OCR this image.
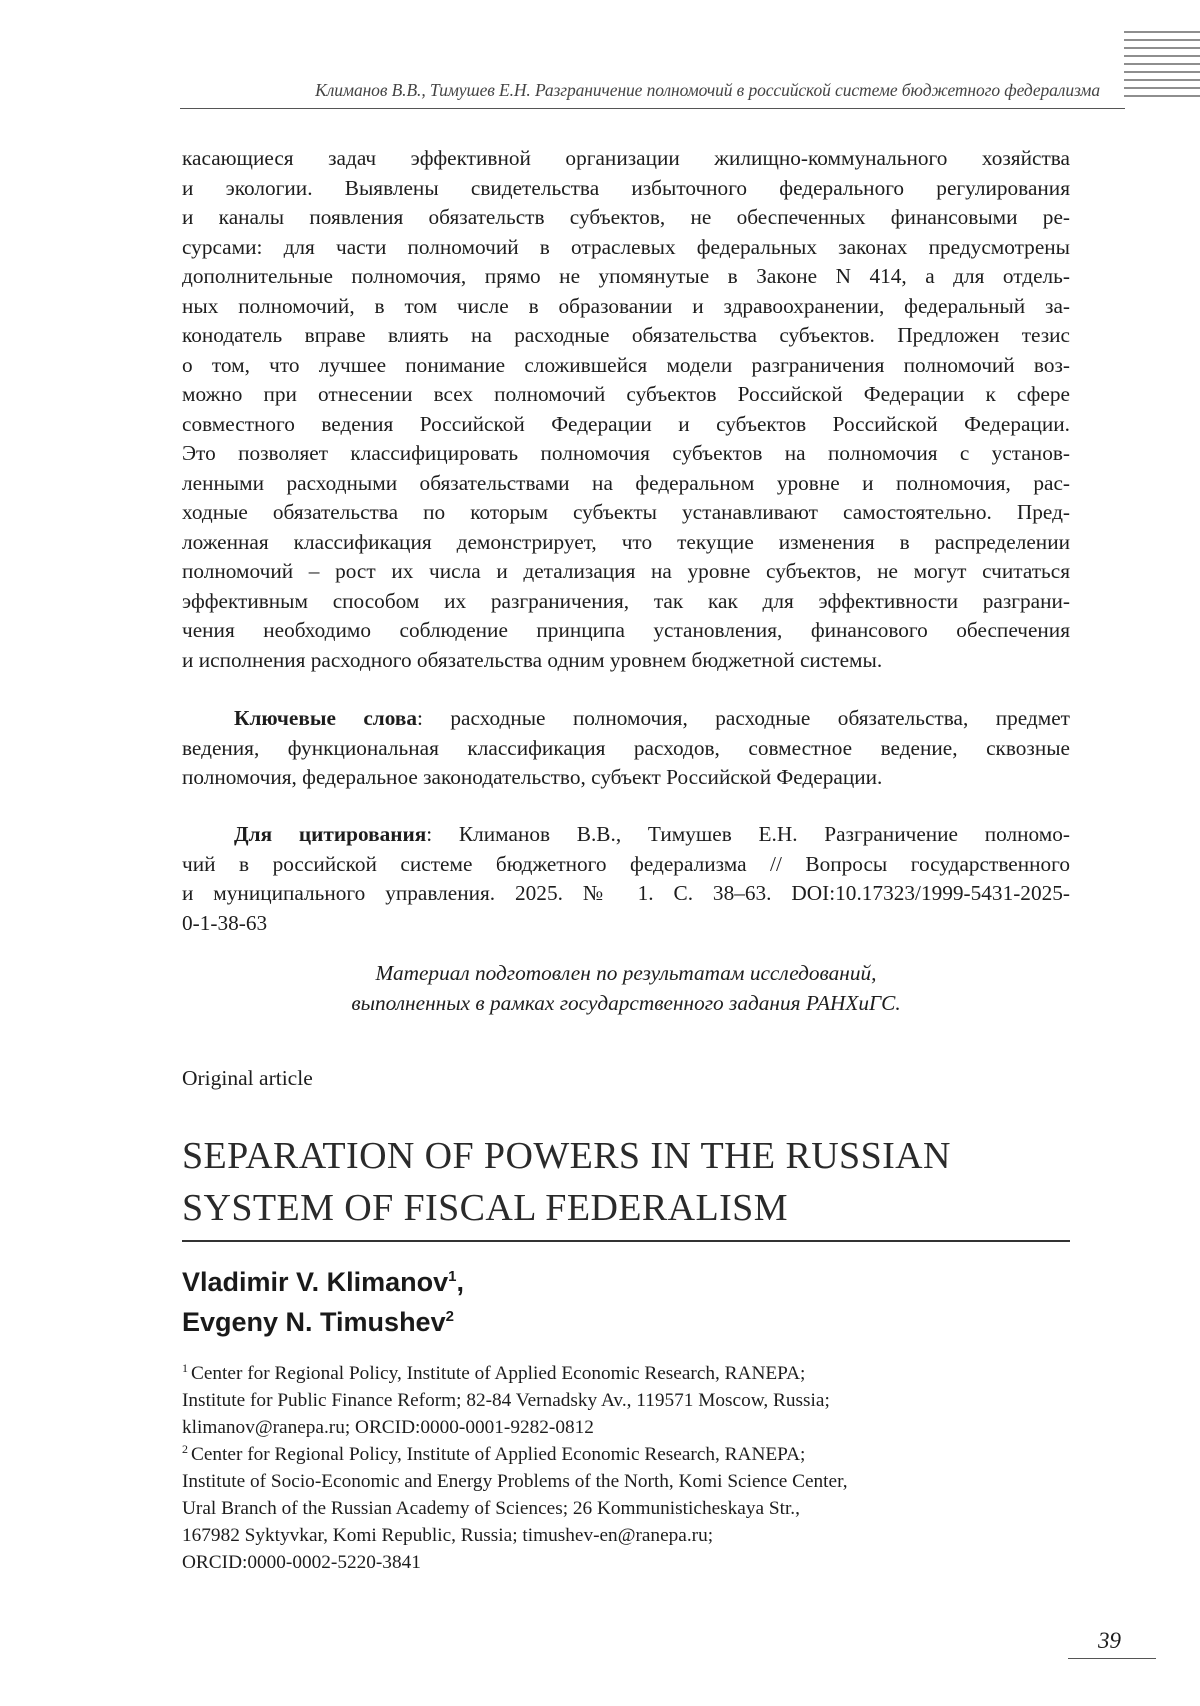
Климанов В.В., Тимушев Е.Н. Разграничение полномочий в российской системе бюджетного федерализма
касающиеся задач эффективной организации жилищно-коммунального хозяйства
и экологии. Выявлены свидетельства избыточного федерального регулирования
и каналы появления обязательств субъектов, не обеспеченных финансовыми ре-
сурсами: для части полномочий в отраслевых федеральных законах предусмотрены
дополнительные полномочия, прямо не упомянутые в Законе N 414, а для отдель-
ных полномочий, в том числе в образовании и здравоохранении, федеральный за-
конодатель вправе влиять на расходные обязательства субъектов. Предложен тезис
о том, что лучшее понимание сложившейся модели разграничения полномочий воз-
можно при отнесении всех полномочий субъектов Российской Федерации к сфере
совместного ведения Российской Федерации и субъектов Российской Федерации.
Это позволяет классифицировать полномочия субъектов на полномочия с установ-
ленными расходными обязательствами на федеральном уровне и полномочия, рас-
ходные обязательства по которым субъекты устанавливают самостоятельно. Пред-
ложенная классификация демонстрирует, что текущие изменения в распределении
полномочий – рост их числа и детализация на уровне субъектов, не могут считаться
эффективным способом их разграничения, так как для эффективности разграни-
чения необходимо соблюдение принципа установления, финансового обеспечения
и исполнения расходного обязательства одним уровнем бюджетной системы.
Ключевые слова: расходные полномочия, расходные обязательства, предмет
ведения, функциональная классификация расходов, совместное ведение, сквозные
полномочия, федеральное законодательство, субъект Российской Федерации.
Для цитирования: Климанов В.В., Тимушев Е.Н. Разграничение полномо-
чий в российской системе бюджетного федерализма // Вопросы государственного
и муниципального управления. 2025. № 1. С. 38–63. DOI:10.17323/1999-5431-2025-
0-1-38-63
Материал подготовлен по результатам исследований,
выполненных в рамках государственного задания РАНХиГС.
Original article
SEPARATION OF POWERS IN THE RUSSIAN
SYSTEM OF FISCAL FEDERALISM
Vladimir V. Klimanov$^1$,
Evgeny N. Timushev$^2$
$^1$ Center for Regional Policy, Institute of Applied Economic Research, RANEPA;
Institute for Public Finance Reform; 82-84 Vernadsky Av., 119571 Moscow, Russia;
klimanov@ranepa.ru; ORCID:0000-0001-9282-0812
$^2$ Center for Regional Policy, Institute of Applied Economic Research, RANEPA;
Institute of Socio-Economic and Energy Problems of the North, Komi Science Center,
Ural Branch of the Russian Academy of Sciences; 26 Kommunisticheskaya Str.,
167982 Syktyvkar, Komi Republic, Russia; timushev-en@ranepa.ru;
ORCID:0000-0002-5220-3841
39
